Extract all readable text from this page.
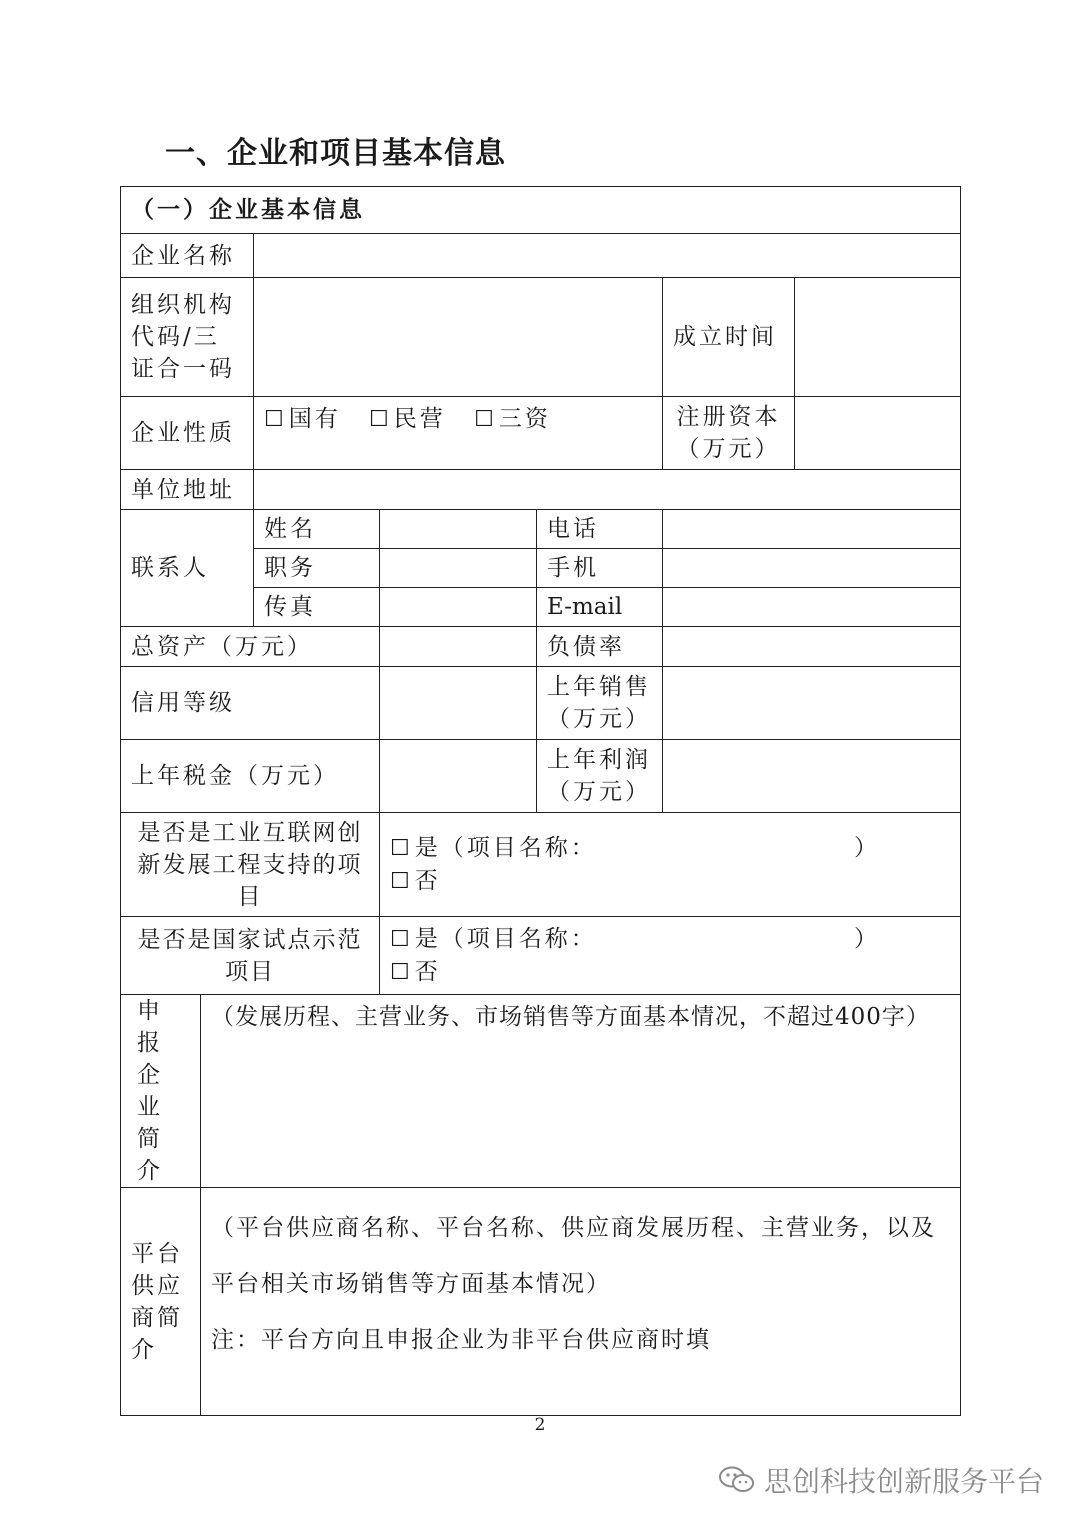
一、企业和项目基本信息
（一）企业基本信息						
企业名称						
组织机构代码/三证合一码					成立时间	
企业性质		☐国有 ☐民营 ☐三资			注册资本（万元）	
单位地址						
联系人		姓名		电话		
		职务		手机		
		传真		E-mail		
总资产（万元）				负债率		
信用等级				上年销售（万元）		
上年税金（万元）				上年利润（万元）		
是否是工业互联网创新发展工程支持的项目			☐是（项目名称： ）
☐否			

是否是国家试点示范项目			☐是（项目名称： ）
☐否			

申报企业简介	（发展历程、主营业务、市场销售等方面基本情况，不超过400字）					
平台供应商简介	（平台供应商名称、平台名称、供应商发展历程、主营业务，以及平台相关市场销售等方面基本情况）
注：平台方向且申报企业为非平台供应商时填					
2
思创科技创新服务平台
